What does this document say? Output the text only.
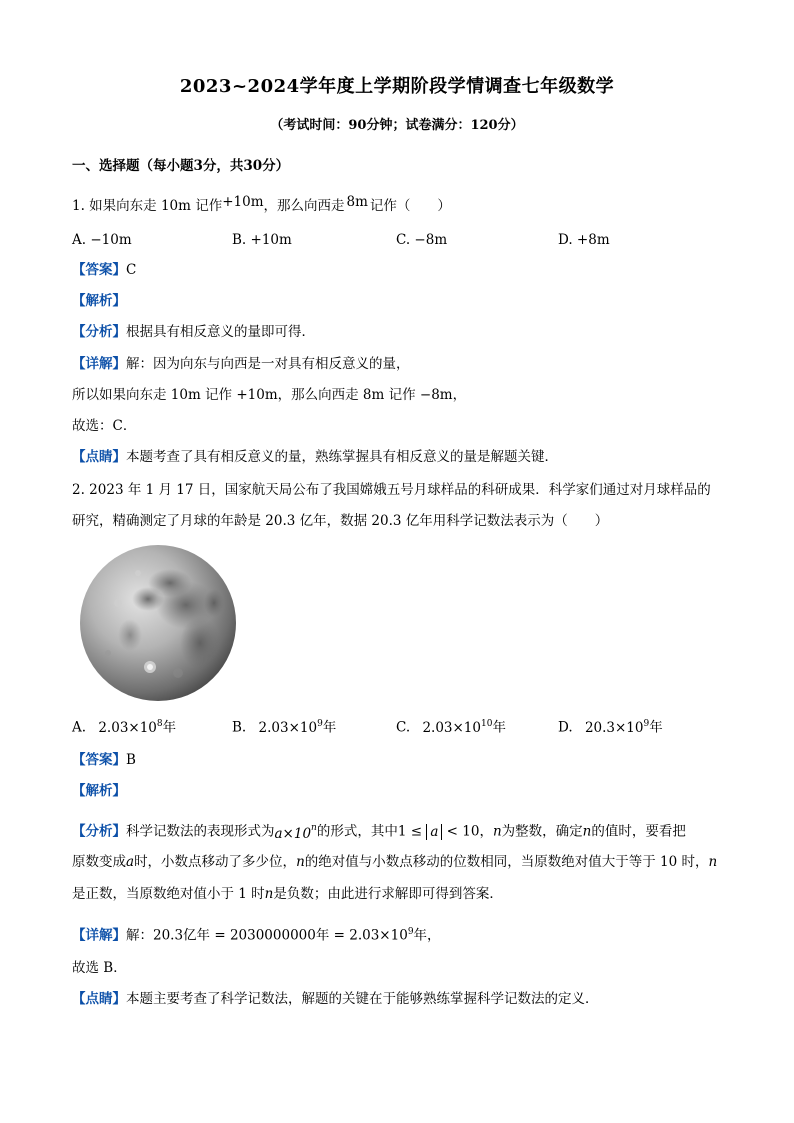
2023~2024学年度上学期阶段学情调查七年级数学
（考试时间：90分钟；试卷满分：120分）
一、选择题（每小题3分，共30分）
1. 如果向东走 10m 记作+10m，那么向西走 8m 记作（　　）
A. −10m	B. +10m	C. −8m	D. +8m
【答案】C
【解析】
【分析】根据具有相反意义的量即可得．
【详解】解：因为向东与向西是一对具有相反意义的量，
所以如果向东走 10m 记作 +10m，那么向西走 8m 记作 −8m，
故选：C．
【点睛】本题考查了具有相反意义的量，熟练掌握具有相反意义的量是解题关键．
2. 2023 年 1 月 17 日，国家航天局公布了我国嫦娥五号月球样品的科研成果．科学家们通过对月球样品的
研究，精确测定了月球的年龄是 20.3 亿年，数据 20.3 亿年用科学记数法表示为（　　）
A. $2.03\times 10^8$年	B. $2.03\times 10^9$年	C. $2.03\times 10^{10}$年	D. $20.3\times 10^9$年
【答案】B
【解析】
【分析】科学记数法的表现形式为$a\times 10^n$的形式，其中1 ≤ a < 10，n为整数，确定n的值时，要看把
原数变成a时，小数点移动了多少位，n的绝对值与小数点移动的位数相同，当原数绝对值大于等于 10 时，n
是正数，当原数绝对值小于 1 时n是负数；由此进行求解即可得到答案．
【详解】解：20.3亿年 = 2030000000年 = $2.03\times 10^9$年，
故选 B．
【点睛】本题主要考查了科学记数法，解题的关键在于能够熟练掌握科学记数法的定义．
